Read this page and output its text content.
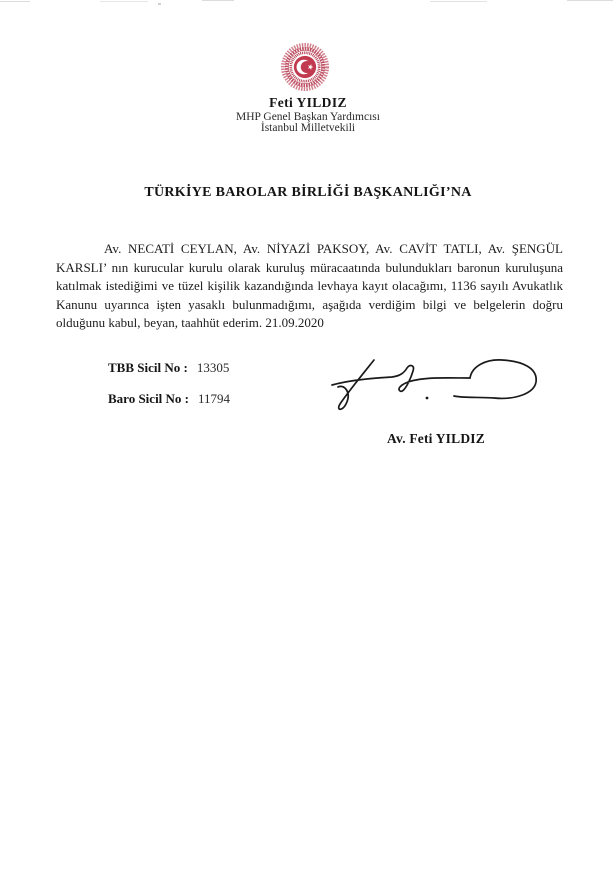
Feti YILDIZ
MHP Genel Başkan Yardımcısı
İstanbul Milletvekili
TÜRKİYE BAROLAR BİRLİĞİ BAŞKANLIĞI’NA
Av. NECATİ CEYLAN, Av. NİYAZİ PAKSOY, Av. CAVİT TATLI, Av. ŞENGÜL KARSLI’ nın kurucular kurulu olarak kuruluş müracaatında bulundukları baronun kuruluşuna katılmak istediğimi ve tüzel kişilik kazandığında levhaya kayıt olacağımı, 1136 sayılı Avukatlık Kanunu uyarınca işten yasaklı bulunmadığımı, aşağıda verdiğim bilgi ve belgelerin doğru olduğunu kabul, beyan, taahhüt ederim. 21.09.2020
TBB Sicil No : 13305
Baro Sicil No : 11794
Av. Feti YILDIZ
